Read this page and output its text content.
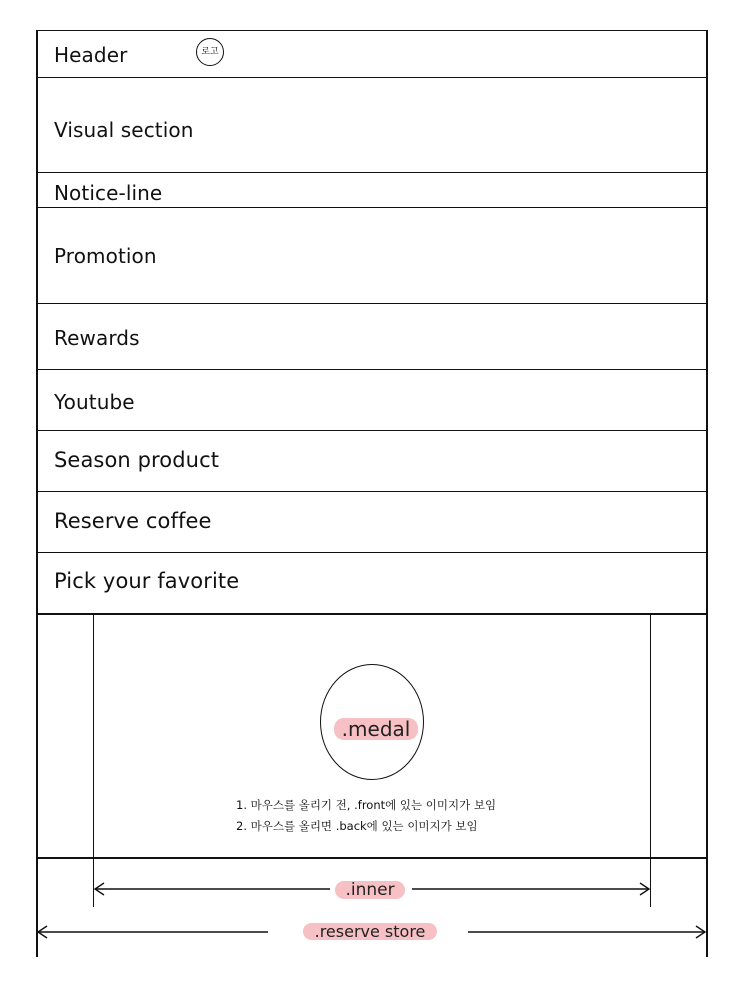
Header	로고
Visual section
Notice-line
Promotion
Rewards
Youtube
Season product
Reserve coffee
Pick your favorite
.medal
1. 마우스를 올리기 전, .front에 있는 이미지가 보임
2. 마우스를 올리면 .back에 있는 이미지가 보임
.inner
.reserve store
